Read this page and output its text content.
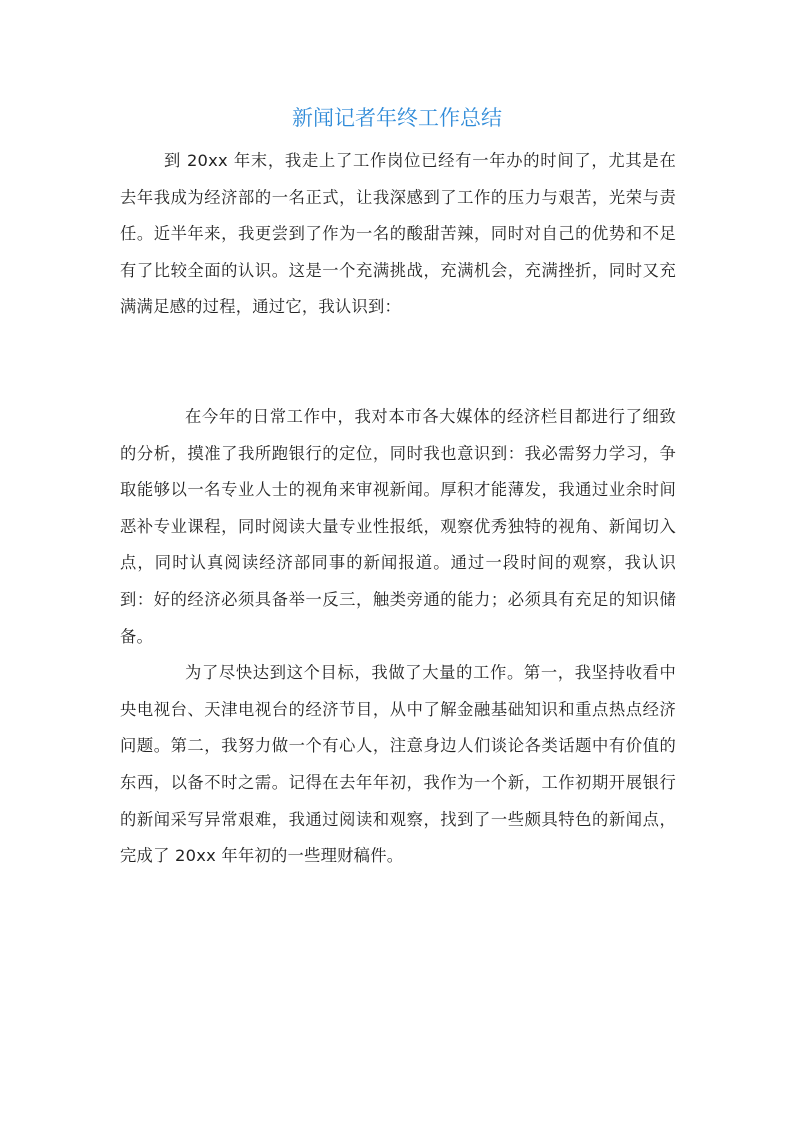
新闻记者年终工作总结

到 20xx 年末，我走上了工作岗位已经有一年办的时间了，尤其是在去年我成为经济部的一名正式，让我深感到了工作的压力与艰苦，光荣与责任。近半年来，我更尝到了作为一名的酸甜苦辣，同时对自己的优势和不足有了比较全面的认识。这是一个充满挑战，充满机会，充满挫折，同时又充满满足感的过程，通过它，我认识到：

在今年的日常工作中，我对本市各大媒体的经济栏目都进行了细致的分析，摸准了我所跑银行的定位，同时我也意识到：我必需努力学习，争取能够以一名专业人士的视角来审视新闻。厚积才能薄发，我通过业余时间恶补专业课程，同时阅读大量专业性报纸，观察优秀独特的视角、新闻切入点，同时认真阅读经济部同事的新闻报道。通过一段时间的观察，我认识到：好的经济必须具备举一反三，触类旁通的能力；必须具有充足的知识储备。

为了尽快达到这个目标，我做了大量的工作。第一，我坚持收看中央电视台、天津电视台的经济节目，从中了解金融基础知识和重点热点经济问题。第二，我努力做一个有心人，注意身边人们谈论各类话题中有价值的东西，以备不时之需。记得在去年年初，我作为一个新，工作初期开展银行的新闻采写异常艰难，我通过阅读和观察，找到了一些颇具特色的新闻点，完成了 20xx 年年初的一些理财稿件。
